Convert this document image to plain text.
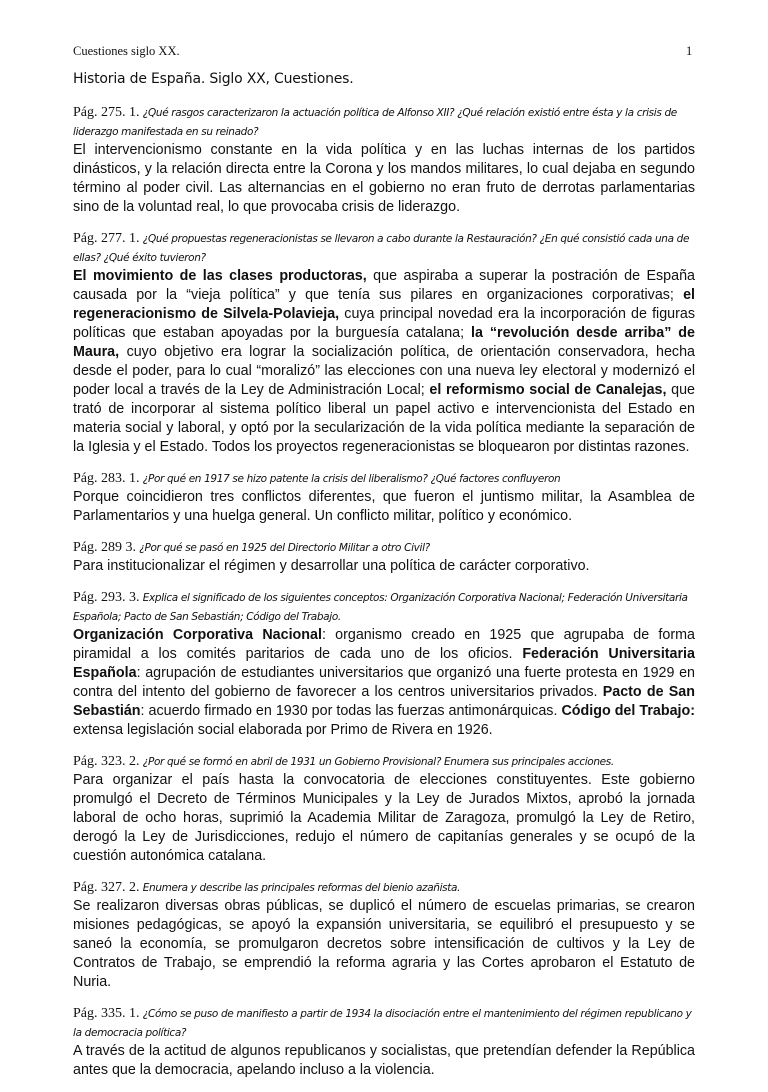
Cuestiones siglo XX.	1
Historia de España. Siglo XX, Cuestiones.

Pág. 275. 1. ¿Qué rasgos caracterizaron la actuación política de Alfonso XII? ¿Qué relación existió entre ésta y la crisis de liderazgo manifestada en su reinado?

El intervencionismo constante en la vida política y en las luchas internas de los partidos dinásticos, y la relación directa entre la Corona y los mandos militares, lo cual dejaba en segundo término al poder civil. Las alternancias en el gobierno no eran fruto de derrotas parlamentarias sino de la voluntad real, lo que provocaba crisis de liderazgo.

Pág. 277. 1. ¿Qué propuestas regeneracionistas se llevaron a cabo durante la Restauración? ¿En qué consistió cada una de ellas? ¿Qué éxito tuvieron?

El movimiento de las clases productoras, que aspiraba a superar la postración de España causada por la “vieja política” y que tenía sus pilares en organizaciones corporativas; el regeneracionismo de Silvela-Polavieja, cuya principal novedad era la incorporación de figuras políticas que estaban apoyadas por la burguesía catalana; la “revolución desde arriba” de Maura, cuyo objetivo era lograr la socialización política, de orientación conservadora, hecha desde el poder, para lo cual “moralizó” las elecciones con una nueva ley electoral y modernizó el poder local a través de la Ley de Administración Local; el reformismo social de Canalejas, que trató de incorporar al sistema político liberal un papel activo e intervencionista del Estado en materia social y laboral, y optó por la secularización de la vida política mediante la separación de la Iglesia y el Estado. Todos los proyectos regeneracionistas se bloquearon por distintas razones.

Pág. 283. 1. ¿Por qué en 1917 se hizo patente la crisis del liberalismo? ¿Qué factores confluyeron

Porque coincidieron tres conflictos diferentes, que fueron el juntismo militar, la Asamblea de Parlamentarios y una huelga general. Un conflicto militar, político y económico.

Pág. 289 3. ¿Por qué se pasó en 1925 del Directorio Militar a otro Civil?

Para institucionalizar el régimen y desarrollar una política de carácter corporativo.

Pág. 293. 3. Explica el significado de los siguientes conceptos: Organización Corporativa Nacional; Federación Universitaria Española; Pacto de San Sebastián; Código del Trabajo.

Organización Corporativa Nacional: organismo creado en 1925 que agrupaba de forma piramidal a los comités paritarios de cada uno de los oficios. Federación Universitaria Española: agrupación de estudiantes universitarios que organizó una fuerte protesta en 1929 en contra del intento del gobierno de favorecer a los centros universitarios privados. Pacto de San Sebastián: acuerdo firmado en 1930 por todas las fuerzas antimonárquicas. Código del Trabajo: extensa legislación social elaborada por Primo de Rivera en 1926.

Pág. 323. 2. ¿Por qué se formó en abril de 1931 un Gobierno Provisional? Enumera sus principales acciones.

Para organizar el país hasta la convocatoria de elecciones constituyentes. Este gobierno promulgó el Decreto de Términos Municipales y la Ley de Jurados Mixtos, aprobó la jornada laboral de ocho horas, suprimió la Academia Militar de Zaragoza, promulgó la Ley de Retiro, derogó la Ley de Jurisdicciones, redujo el número de capitanías generales y se ocupó de la cuestión autonómica catalana.

Pág. 327. 2. Enumera y describe las principales reformas del bienio azañista.

Se realizaron diversas obras públicas, se duplicó el número de escuelas primarias, se crearon misiones pedagógicas, se apoyó la expansión universitaria, se equilibró el presupuesto y se saneó la economía, se promulgaron decretos sobre intensificación de cultivos y la Ley de Contratos de Trabajo, se emprendió la reforma agraria y las Cortes aprobaron el Estatuto de Nuria.

Pág. 335. 1. ¿Cómo se puso de manifiesto a partir de 1934 la disociación entre el mantenimiento del régimen republicano y la democracia política?

A través de la actitud de algunos republicanos y socialistas, que pretendían defender la República antes que la democracia, apelando incluso a la violencia.
